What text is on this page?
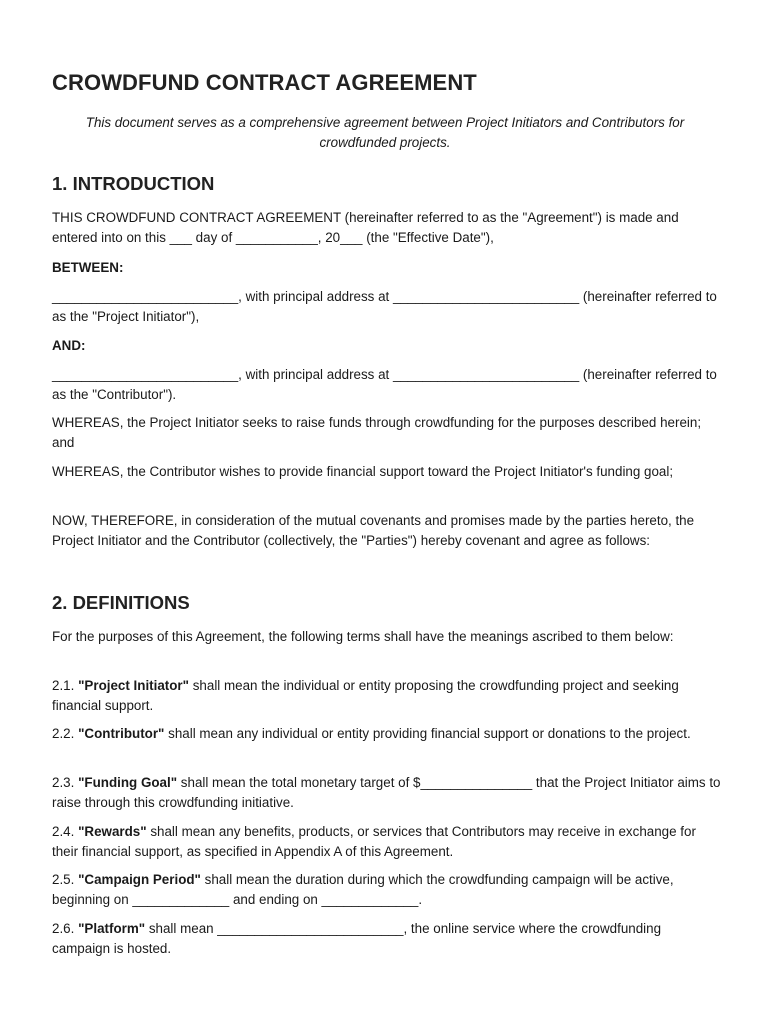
CROWDFUND CONTRACT AGREEMENT

This document serves as a comprehensive agreement between Project Initiators and Contributors for crowdfunded projects.

1. INTRODUCTION

THIS CROWDFUND CONTRACT AGREEMENT (hereinafter referred to as the "Agreement") is made and entered into on this ___ day of ___________, 20___ (the "Effective Date"),

BETWEEN:

_________________________, with principal address at _________________________ (hereinafter referred to as the "Project Initiator"),

AND:

_________________________, with principal address at _________________________ (hereinafter referred to as the "Contributor").

WHEREAS, the Project Initiator seeks to raise funds through crowdfunding for the purposes described herein; and

WHEREAS, the Contributor wishes to provide financial support toward the Project Initiator's funding goal;

NOW, THEREFORE, in consideration of the mutual covenants and promises made by the parties hereto, the Project Initiator and the Contributor (collectively, the "Parties") hereby covenant and agree as follows:

2. DEFINITIONS

For the purposes of this Agreement, the following terms shall have the meanings ascribed to them below:

2.1. "Project Initiator" shall mean the individual or entity proposing the crowdfunding project and seeking financial support.

2.2. "Contributor" shall mean any individual or entity providing financial support or donations to the project.

2.3. "Funding Goal" shall mean the total monetary target of $_______________ that the Project Initiator aims to raise through this crowdfunding initiative.

2.4. "Rewards" shall mean any benefits, products, or services that Contributors may receive in exchange for their financial support, as specified in Appendix A of this Agreement.

2.5. "Campaign Period" shall mean the duration during which the crowdfunding campaign will be active, beginning on _____________ and ending on _____________.

2.6. "Platform" shall mean _________________________, the online service where the crowdfunding campaign is hosted.
